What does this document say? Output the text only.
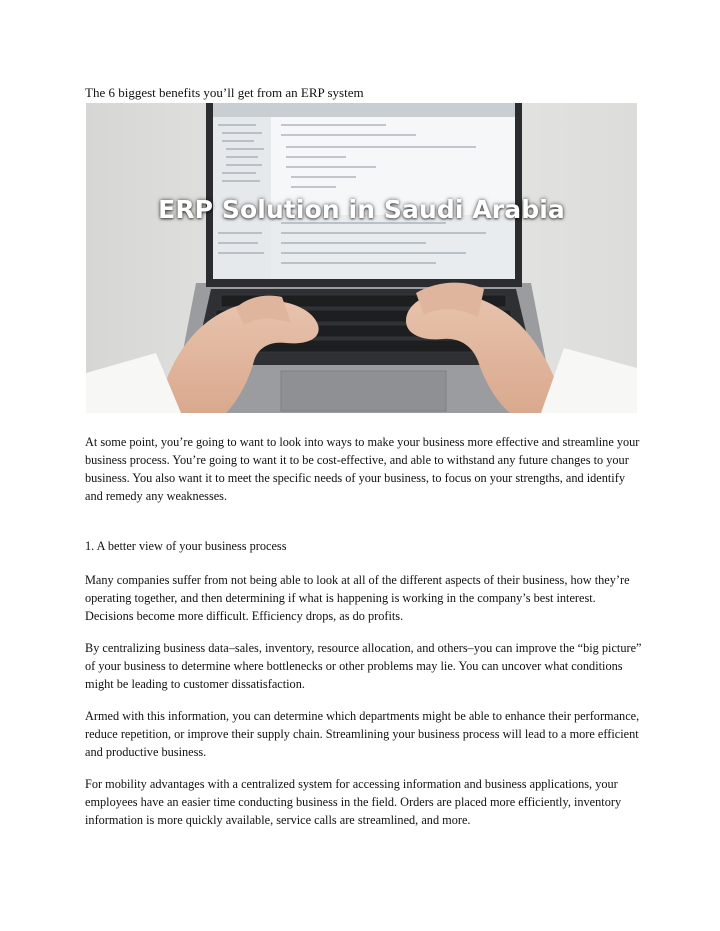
The 6 biggest benefits you’ll get from an ERP system
ERP Solution in Saudi Arabia

At some point, you’re going to want to look into ways to make your business more effective and streamline your business process. You’re going to want it to be cost-effective, and able to withstand any future changes to your business. You also want it to meet the specific needs of your business, to focus on your strengths, and identify and remedy any weaknesses.

1. A better view of your business process

Many companies suffer from not being able to look at all of the different aspects of their business, how they’re operating together, and then determining if what is happening is working in the company’s best interest. Decisions become more difficult. Efficiency drops, as do profits.

By centralizing business data–sales, inventory, resource allocation, and others–you can improve the “big picture” of your business to determine where bottlenecks or other problems may lie. You can uncover what conditions might be leading to customer dissatisfaction.

Armed with this information, you can determine which departments might be able to enhance their performance, reduce repetition, or improve their supply chain. Streamlining your business process will lead to a more efficient and productive business.

For mobility advantages with a centralized system for accessing information and business applications, your employees have an easier time conducting business in the field. Orders are placed more efficiently, inventory information is more quickly available, service calls are streamlined, and more.
